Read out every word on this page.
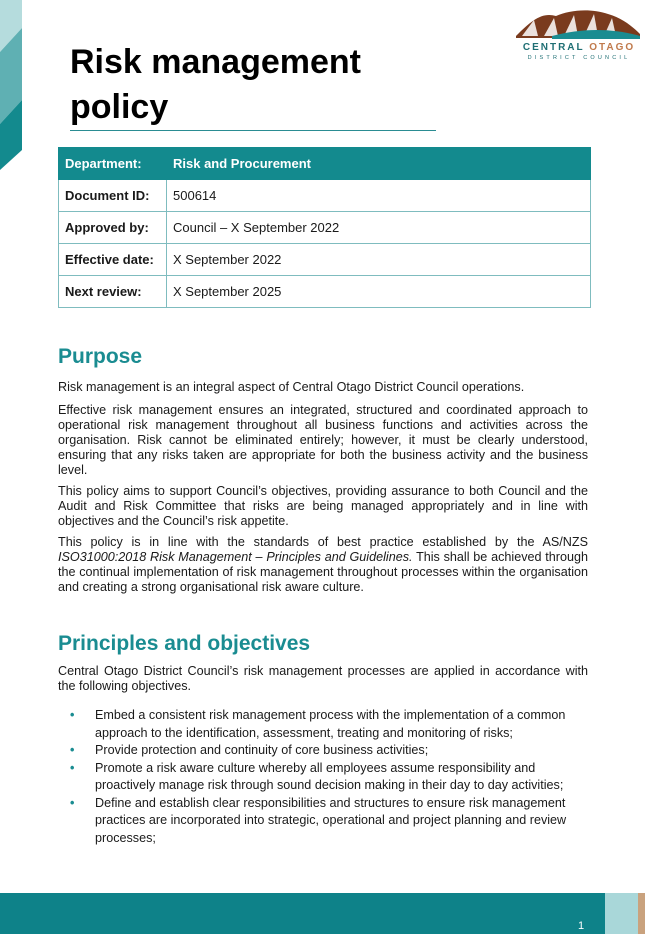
CENTRAL OTAGO
DISTRICT COUNCIL
Risk management policy
Department:	Risk and Procurement
Document ID:	500614
Approved by:	Council – X September 2022
Effective date:	X September 2022
Next review:	X September 2025
Purpose

Risk management is an integral aspect of Central Otago District Council operations.

Effective risk management ensures an integrated, structured and coordinated approach to operational risk management throughout all business functions and activities across the organisation. Risk cannot be eliminated entirely; however, it must be clearly understood, ensuring that any risks taken are appropriate for both the business activity and the business level.

This policy aims to support Council’s objectives, providing assurance to both Council and the Audit and Risk Committee that risks are being managed appropriately and in line with objectives and the Council’s risk appetite.

This policy is in line with the standards of best practice established by the AS/NZS ISO31000:2018 Risk Management – Principles and Guidelines. This shall be achieved through the continual implementation of risk management throughout processes within the organisation and creating a strong organisational risk aware culture.

Principles and objectives

Central Otago District Council’s risk management processes are applied in accordance with the following objectives.

• Embed a consistent risk management process with the implementation of a common approach to the identification, assessment, treating and monitoring of risks;
• Provide protection and continuity of core business activities;
• Promote a risk aware culture whereby all employees assume responsibility and proactively manage risk through sound decision making in their day to day activities;
• Define and establish clear responsibilities and structures to ensure risk management practices are incorporated into strategic, operational and project planning and review processes;
1
